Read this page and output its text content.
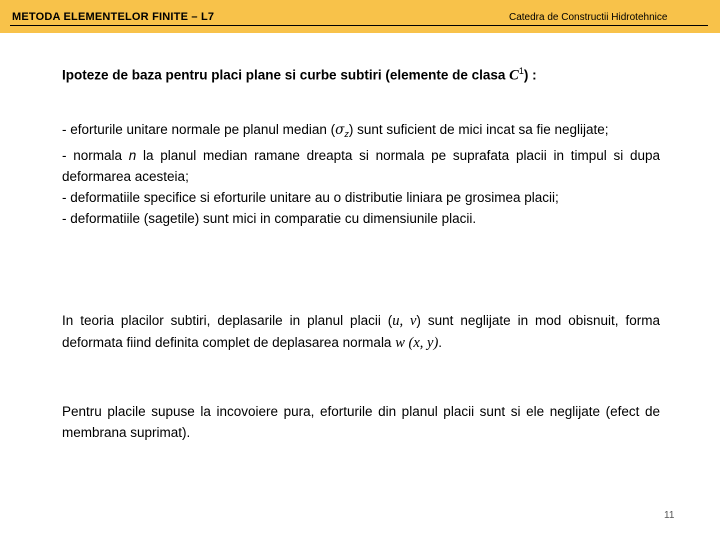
METODA ELEMENTELOR FINITE – L7	Catedra de Constructii Hidrotehnice
Ipoteze de baza pentru placi plane si curbe subtiri (elemente de clasa $C^1$) :
- eforturile unitare normale pe planul median $(\sigma_z)$ sunt suficient de mici incat sa fie neglijate;
- normala n la planul median ramane dreapta si normala pe suprafata placii in timpul si dupa deformarea acesteia;
- deformatiile specifice si eforturile unitare au o distributie liniara pe grosimea placii;
- deformatiile (sagetile) sunt mici in comparatie cu dimensiunile placii.
In teoria placilor subtiri, deplasarile in planul placii (u, v) sunt neglijate in mod obisnuit, forma deformata fiind definita complet de deplasarea normala w (x, y).
Pentru placile supuse la incovoiere pura, eforturile din planul placii sunt si ele neglijate (efect de membrana suprimat).
11
